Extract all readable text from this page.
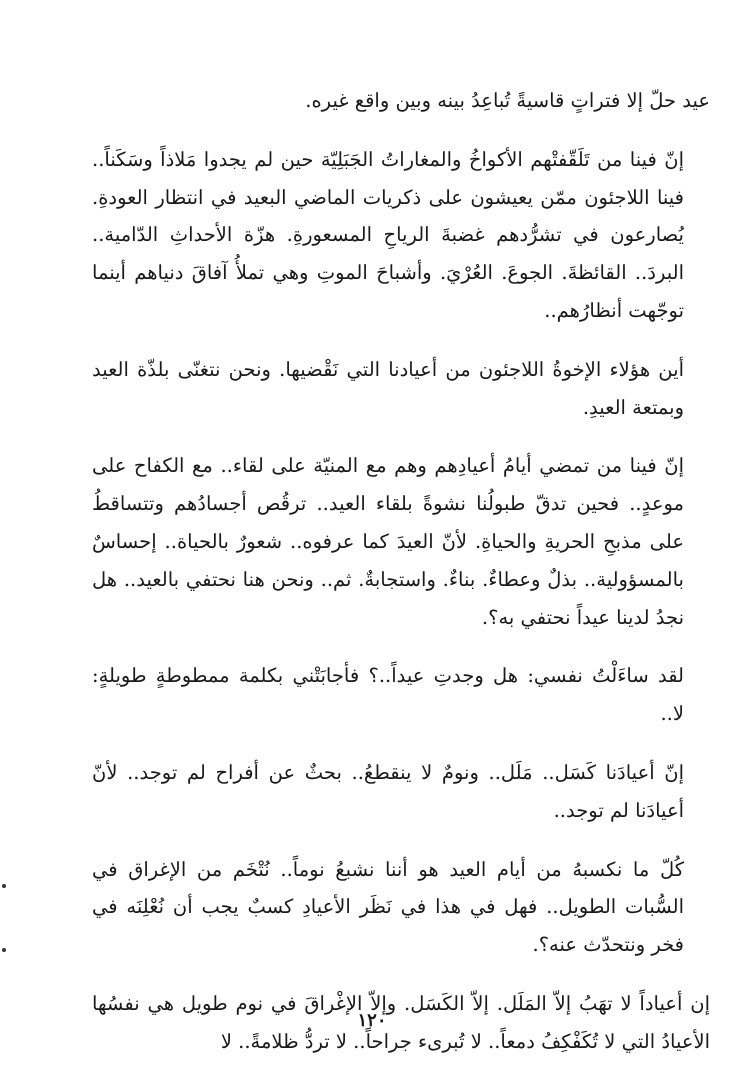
عيد حلّ إلا فتراتٍ قاسيةً تُباعِدُ بينه وبين واقع غيره.

إنّ فينا من تَلَقّفتْهم الأكواخُ والمغاراتُ الجَبَلِيّة حين لم يجدوا مَلاذاً وسَكَناً.. فينا اللاجئون ممّن يعيشون على ذكريات الماضي البعيد في انتظار العودةِ. يُصارعون في تشرُّدهم غضبةَ الرياحِ المسعورةِ. هزّة الأحداثِ الدّامية.. البردَ.. القائظةَ. الجوعَ. العُرْيَ. وأشباحَ الموتِ وهي تملأُ آفاقَ دنياهم أينما توجّهت أنظارُهم..

أين هؤلاء الإخوةُ اللاجئون من أعيادنا التي نَقْضيها. ونحن نتغنّى بلذّة العيد وبمتعة العيدِ.

إنّ فينا من تمضي أيامُ أعيادِهم وهم مع المنيّة على لقاء.. مع الكفاح على موعدٍ.. فحين تدقّ طبولُنا نشوةً بلقاء العيد.. ترقُص أجسادُهم وتتساقطُ على مذبحِ الحريةِ والحياةِ. لأنّ العيدَ كما عرفوه.. شعورٌ بالحياة.. إحساسٌ بالمسؤولية.. بذلٌ وعطاءٌ. بناءٌ. واستجابةٌ. ثم.. ونحن هنا نحتفي بالعيد.. هل نجدُ لدينا عيداً نحتفي به؟.

لقد ساءَلْتُ نفسي: هل وجدتِ عيداً..؟ فأجابَتْني بكلمة ممطوطةٍ طويلةٍ: لا..

إنّ أعيادَنا كَسَل.. مَلَل.. ونومٌ لا ينقطعُ.. بحثٌ عن أفراح لم توجد.. لأنّ أعيادَنا لم توجد..

كُلّ ما نكسبهُ من أيام العيد هو أننا نشبعُ نوماً.. نُتْخَم من الإغراق في السُّبات الطويل.. فهل في هذا في نَظَر الأعيادِ كسبٌ يجب أن نُعْلِنَه في فخر ونتحدّث عنه؟.

إن أعياداً لا تهَبُ إلاّ المَلَل. إلاّ الكَسَل. وإلاّ الإغْراقَ في نوم طويل هي نفسُها الأعيادُ التي لا تُكَفْكِفُ دمعاً.. لا تُبرىء جراحاً.. لا تردُّ ظلامةً.. لا

١٢٠
